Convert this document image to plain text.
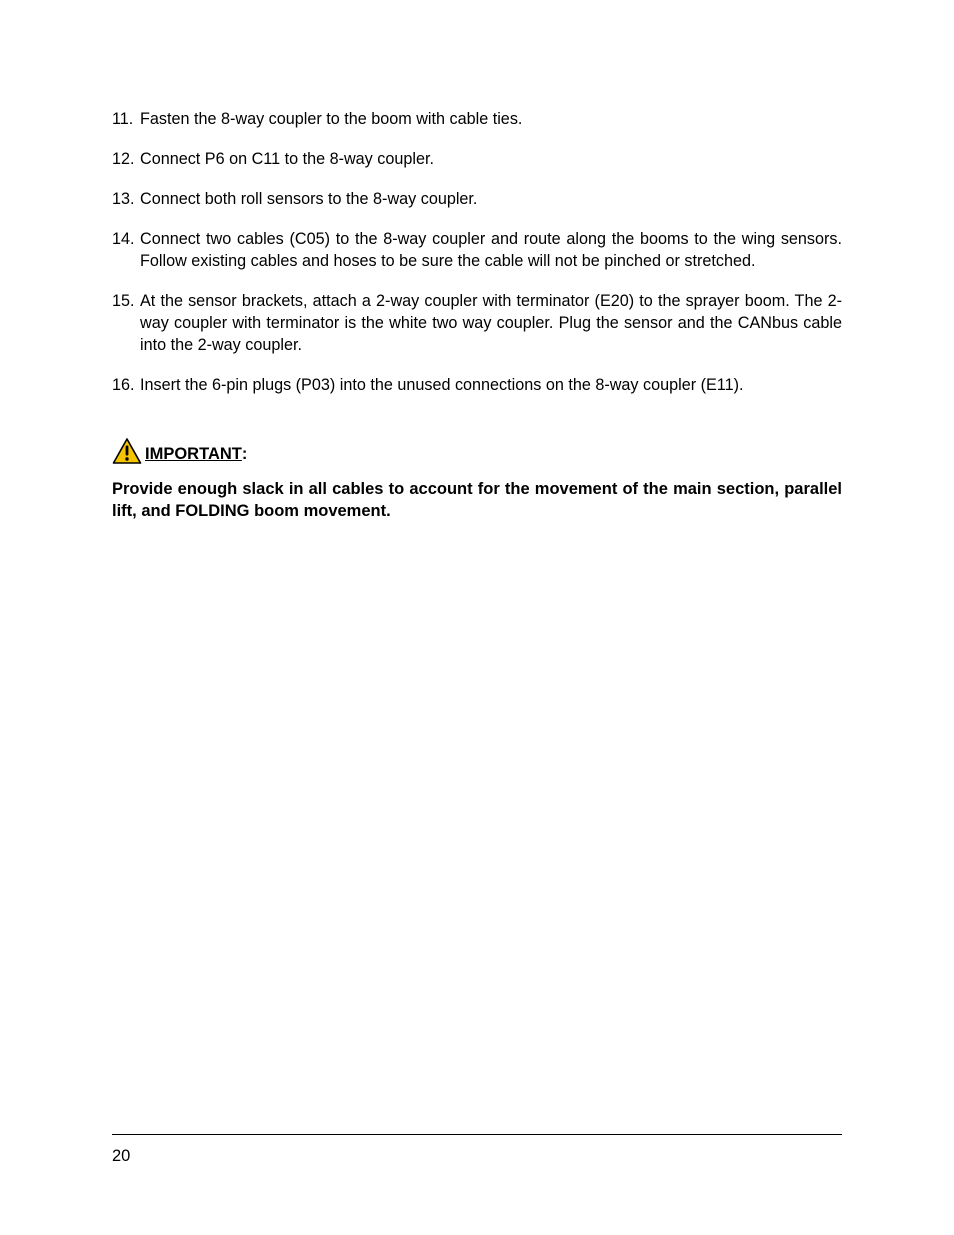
11. Fasten the 8-way coupler to the boom with cable ties.
12. Connect P6 on C11 to the 8-way coupler.
13. Connect both roll sensors to the 8-way coupler.
14. Connect two cables (C05) to the 8-way coupler and route along the booms to the wing sensors. Follow existing cables and hoses to be sure the cable will not be pinched or stretched.
15. At the sensor brackets, attach a 2-way coupler with terminator (E20) to the sprayer boom. The 2-way coupler with terminator is the white two way coupler. Plug the sensor and the CANbus cable into the 2-way coupler.
16. Insert the 6-pin plugs (P03) into the unused connections on the 8-way coupler (E11).
IMPORTANT :
Provide enough slack in all cables to account for the movement of the main section, parallel lift, and FOLDING boom movement.
20
